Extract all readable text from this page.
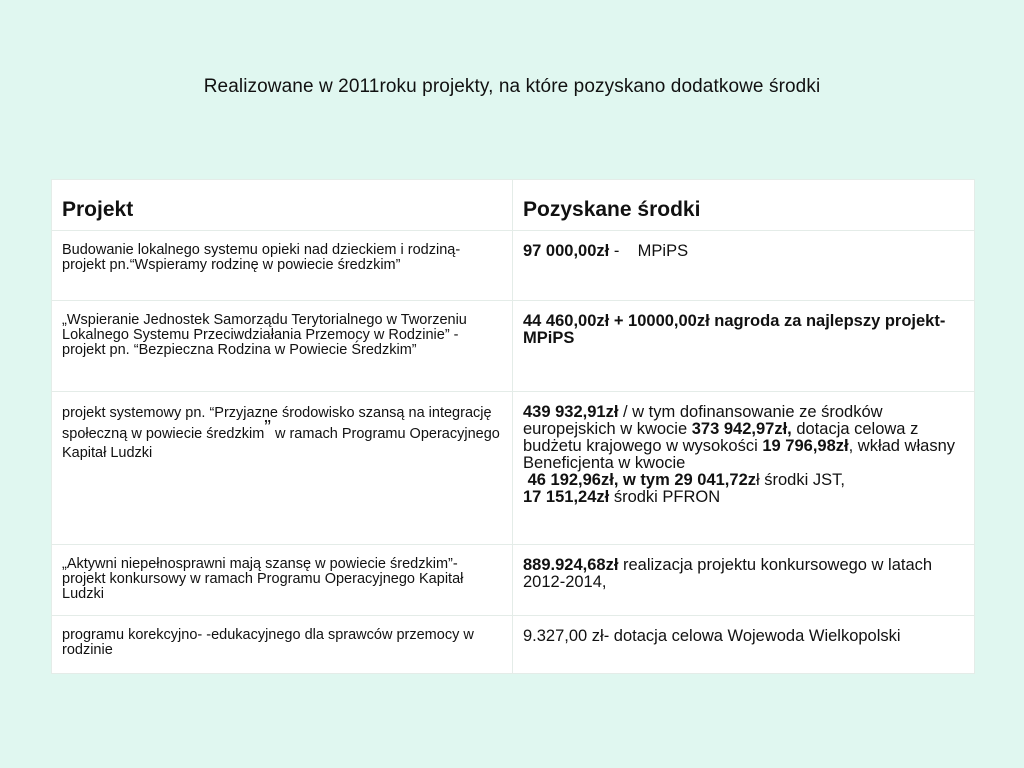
Realizowane w 2011roku projekty, na które pozyskano dodatkowe środki
Projekt	Pozyskane środki

Budowanie lokalnego systemu opieki nad dzieckiem i rodziną- projekt pn.“Wspieramy rodzinę w powiecie średzkim”	97 000,00zł -    MPiPS

„Wspieranie Jednostek Samorządu Terytorialnego w Tworzeniu Lokalnego Systemu Przeciwdziałania Przemocy w Rodzinie” - projekt pn. “Bezpieczna Rodzina w Powiecie Średzkim”	44 460,00zł + 10000,00zł nagroda za najlepszy projekt-MPiPS

projekt systemowy pn. “Przyjazne środowisko szansą na integrację społeczną w powiecie średzkim” w ramach Programu Operacyjnego Kapitał Ludzki	439 932,91zł / w tym dofinansowanie ze środków europejskich w kwocie 373 942,97zł, dotacja celowa z budżetu krajowego w wysokości 19 796,98zł, wkład własny Beneficjenta w kwocie
46 192,96zł, w tym 29 041,72zł środki JST,
17 151,24zł środki PFRON

„Aktywni niepełnosprawni mają szansę w powiecie średzkim”- projekt konkursowy w ramach Programu Operacyjnego Kapitał Ludzki	889.924,68zł realizacja projektu konkursowego w latach 2012-2014,

programu korekcyjno- -edukacyjnego dla sprawców przemocy w rodzinie	9.327,00 zł- dotacja celowa Wojewoda Wielkopolski
